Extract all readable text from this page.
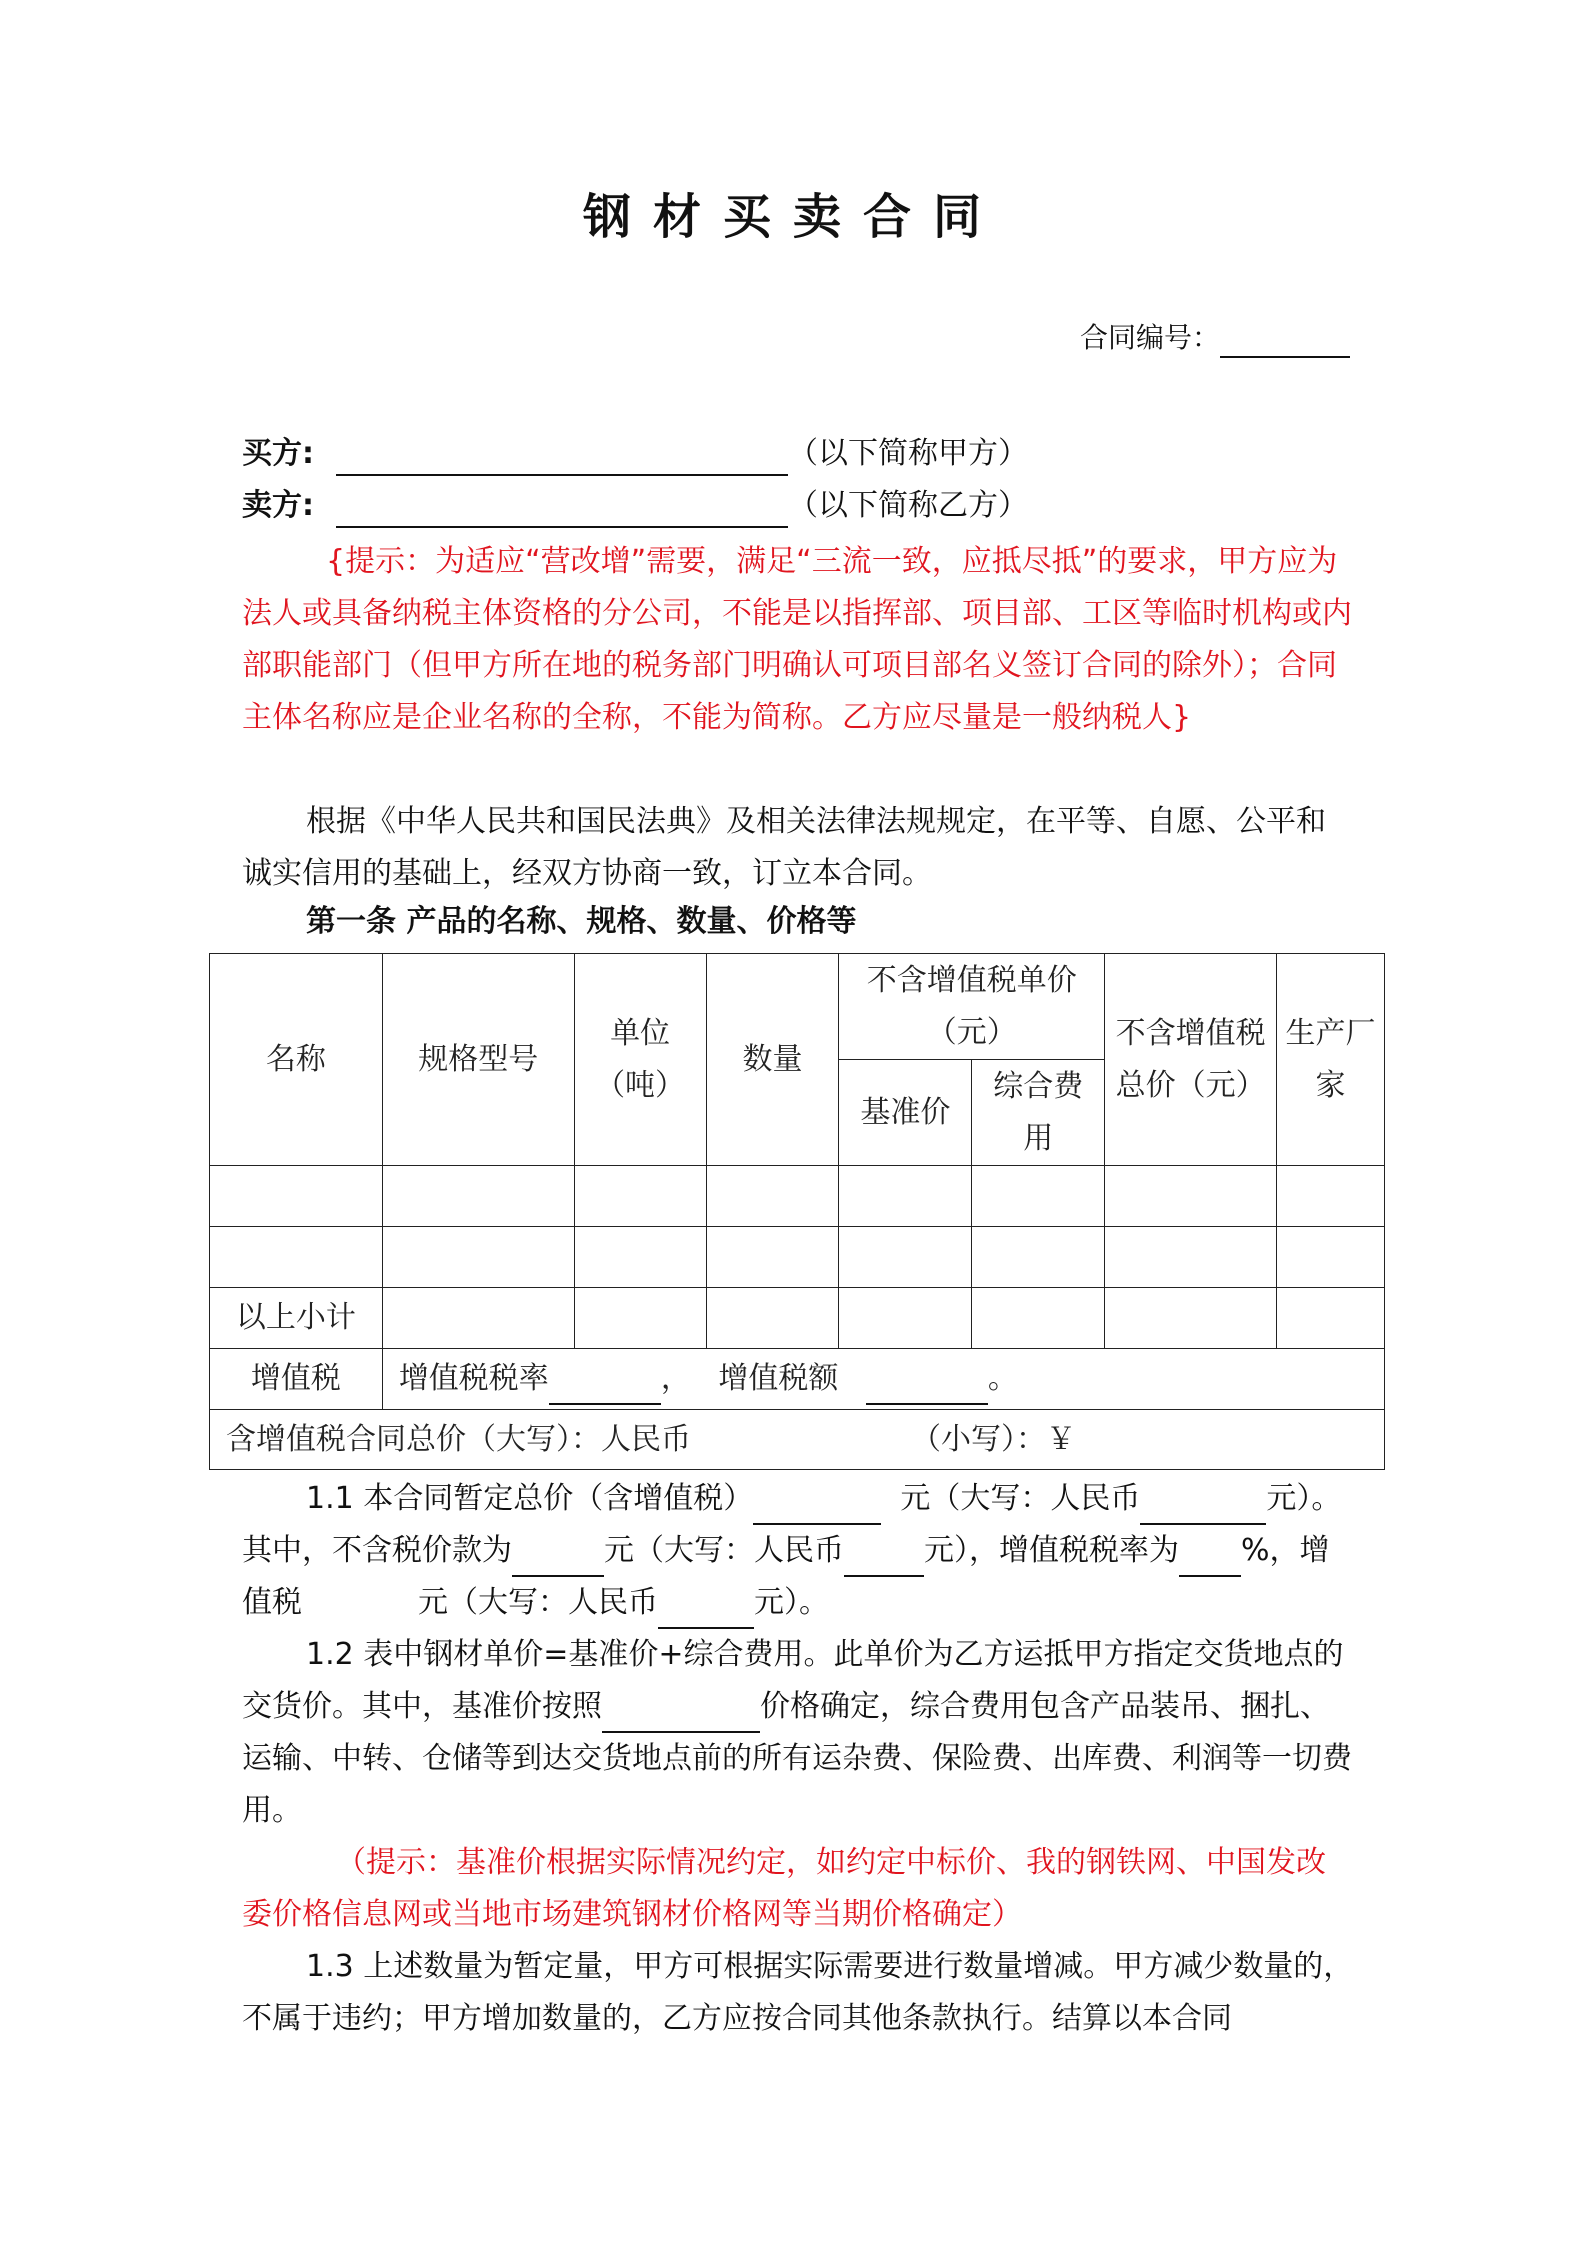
钢材买卖合同
合同编号：
买方:	（以下简称甲方）
卖方:	（以下简称乙方）

{提示：为适应“营改增”需要，满足“三流一致，应抵尽抵”的要求，甲方应为法人或具备纳税主体资格的分公司，不能是以指挥部、项目部、工区等临时机构或内部职能部门（但甲方所在地的税务部门明确认可项目部名义签订合同的除外）；合同主体名称应是企业名称的全称，不能为简称。乙方应尽量是一般纳税人}

根据《中华人民共和国民法典》及相关法律法规规定，在平等、自愿、公平和诚实信用的基础上，经双方协商一致，订立本合同。

第一条 产品的名称、规格、数量、价格等
名称	规格型号	单位（吨）	数量	不含增值税单价（元）		不含增值税总价（元）	生产厂家
				基准价	综合费用		

以上小计							
增值税	增值税税率 ， 增值税额 。						
含增值税合同总价（大写）：人民币 （小写）：￥							

1.1 本合同暂定总价（含增值税）	元（大写：人民币	元）。其中，不含税价款为	元（大写：人民币	元），增值税税率为 %，增值税	元（大写：人民币	元）。

1.2 表中钢材单价=基准价+综合费用。此单价为乙方运抵甲方指定交货地点的交货价。其中，基准价按照	价格确定，综合费用包含产品装吊、捆扎、运输、中转、仓储等到达交货地点前的所有运杂费、保险费、出库费、利润等一切费用。

（提示：基准价根据实际情况约定，如约定中标价、我的钢铁网、中国发改委价格信息网或当地市场建筑钢材价格网等当期价格确定）

1.3 上述数量为暂定量，甲方可根据实际需要进行数量增减。甲方减少数量的，不属于违约；甲方增加数量的，乙方应按合同其他条款执行。结算以本合同
